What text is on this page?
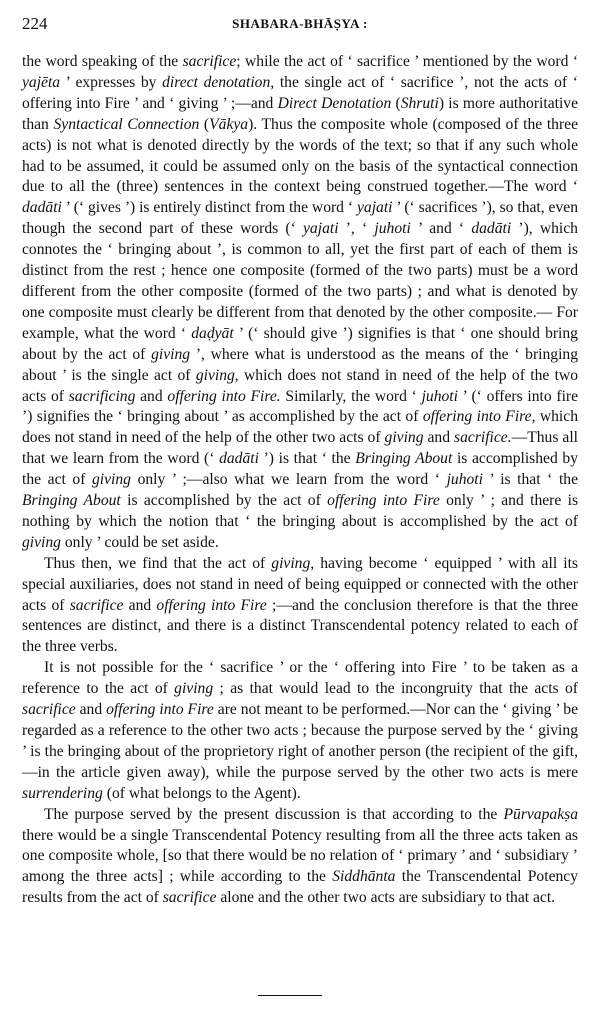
224	SHABARA-BHĀṢYA :

the word speaking of the sacrifice; while the act of ‘ sacrifice ’ mentioned by the word ‘ yajēta ’ expresses by direct denotation, the single act of ‘ sacrifice ’, not the acts of ‘ offering into Fire ’ and ‘ giving ’ ;—and Direct Denotation (Shruti) is more authoritative than Syntactical Connection (Vākya). Thus the composite whole (composed of the three acts) is not what is denoted directly by the words of the text; so that if any such whole had to be assumed, it could be assumed only on the basis of the syntactical connection due to all the (three) sentences in the context being construed together.—The word ‘ dadāti ’ (‘ gives ’) is entirely distinct from the word ‘ yajati ’ (‘ sacrifices ’), so that, even though the second part of these words (‘ yajati ’, ‘ juhoti ’ and ‘ dadāti ’), which connotes the ‘ bringing about ’, is common to all, yet the first part of each of them is distinct from the rest ; hence one composite (formed of the two parts) must be a word different from the other composite (formed of the two parts) ; and what is denoted by one composite must clearly be different from that denoted by the other composite.— For example, what the word ‘ daḍyāt ’ (‘ should give ’) signifies is that ‘ one should bring about by the act of giving ’, where what is understood as the means of the ‘ bringing about ’ is the single act of giving, which does not stand in need of the help of the two acts of sacrificing and offering into Fire. Similarly, the word ‘ juhoti ’ (‘ offers into fire ’) signifies the ‘ bringing about ’ as accomplished by the act of offering into Fire, which does not stand in need of the help of the other two acts of giving and sacrifice.—Thus all that we learn from the word (‘ dadāti ’) is that ‘ the Bringing About is accomplished by the act of giving only ’ ;—also what we learn from the word ‘ juhoti ’ is that ‘ the Bringing About is accomplished by the act of offering into Fire only ’ ; and there is nothing by which the notion that ‘ the bringing about is accomplished by the act of giving only ’ could be set aside.

Thus then, we find that the act of giving, having become ‘ equipped ’ with all its special auxiliaries, does not stand in need of being equipped or connected with the other acts of sacrifice and offering into Fire ;—and the conclusion therefore is that the three sentences are distinct, and there is a distinct Transcendental potency related to each of the three verbs.

It is not possible for the ‘ sacrifice ’ or the ‘ offering into Fire ’ to be taken as a reference to the act of giving ; as that would lead to the incongruity that the acts of sacrifice and offering into Fire are not meant to be performed.—Nor can the ‘ giving ’ be regarded as a reference to the other two acts ; because the purpose served by the ‘ giving ’ is the bringing about of the proprietory right of another person (the recipient of the gift,—in the article given away), while the purpose served by the other two acts is mere surrendering (of what belongs to the Agent).

The purpose served by the present discussion is that according to the Pūrvapakṣa there would be a single Transcendental Potency resulting from all the three acts taken as one composite whole, [so that there would be no relation of ‘ primary ’ and ‘ subsidiary ’ among the three acts] ; while according to the Siddhānta the Transcendental Potency results from the act of sacrifice alone and the other two acts are subsidiary to that act.
